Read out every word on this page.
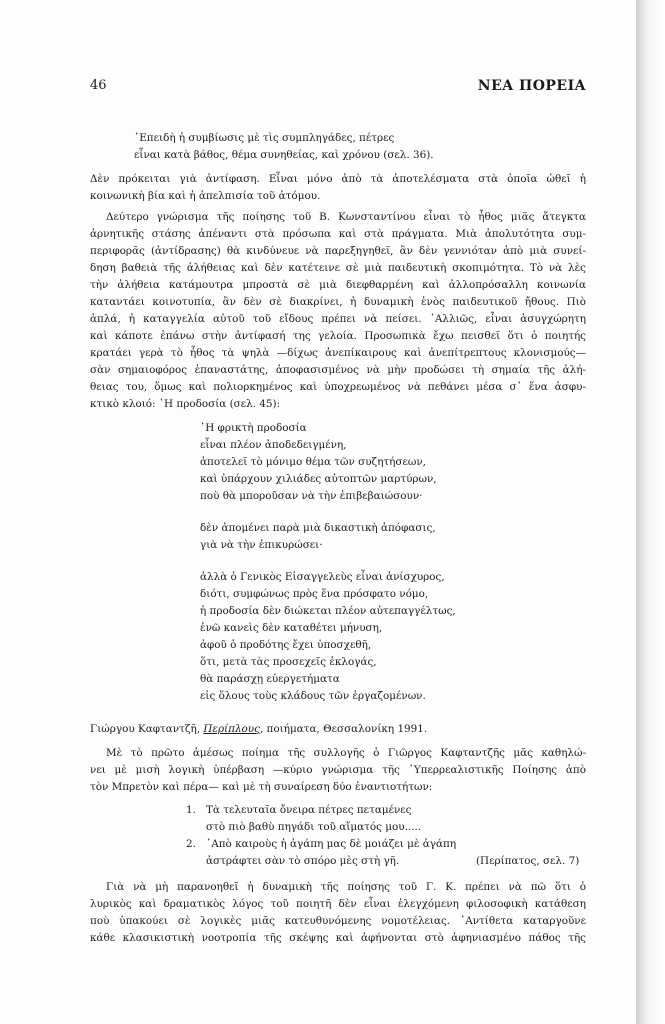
46	ΝΕΑ ΠΟΡΕΙΑ
᾽Επειδὴ ἡ συμβίωσις μὲ τὶς συμπληγάδες, πέτρες
εἶναι κατὰ βάθος, θέμα συνηθείας, καὶ χρόνου (σελ. 36).
Δὲν πρόκειται γιὰ ἀντίφαση. Εἶναι μόνο ἀπὸ τὰ ἀποτελέσματα στὰ ὁποῖα ὠθεῖ ἡ
κοινωνικὴ βία καὶ ἡ ἀπελπισία τοῦ ἀτόμου.
Δεύτερο γνώρισμα τῆς ποίησης τοῦ Β. Κωνσταντίνου εἶναι τὸ ἦθος μιᾶς ἄτεγκτα
ἀρνητικῆς στάσης ἀπέναντι στὰ πρόσωπα καὶ στὰ πράγματα. Μιὰ ἀπολυτότητα συμ-
περιφορᾶς (ἀντίδρασης) θὰ κινδύνευε νὰ παρεξηγηθεῖ, ἂν δὲν γεννιόταν ἀπὸ μιὰ συνεί-
δηση βαθειὰ τῆς ἀλήθειας καὶ δὲν κατέτεινε σὲ μιὰ παιδευτικὴ σκοπιμότητα. Τὸ νὰ λὲς
τὴν ἀλήθεια κατάμουτρα μπροστὰ σὲ μιὰ διεφθαρμένη καὶ ἀλλοπρόσαλλη κοινωνία
καταντάει κοινοτυπία, ἂν δὲν σὲ διακρίνει, ἡ δυναμικὴ ἑνὸς παιδευτικοῦ ἤθους. Πιὸ
ἁπλά, ἡ καταγγελία αὐτοῦ τοῦ εἴδους πρέπει νὰ πείσει. ᾽Αλλιῶς, εἶναι ἀσυγχώρητη
καὶ κάποτε ἐπάνω στὴν ἀντίφασή της γελοία. Προσωπικὰ ἔχω πεισθεῖ ὅτι ὁ ποιητής
κρατάει γερὰ τὸ ἦθος τὰ ψηλὰ —δίχως ἀνεπίκαιρους καὶ ἀνεπίτρεπτους κλονισμούς—
σὰν σημαιοφόρος ἐπαναστάτης, ἀποφασισμένος νὰ μὴν προδώσει τὴ σημαία τῆς ἀλή-
θειας του, ὅμως καὶ πολιορκημένος καὶ ὑποχρεωμένος νὰ πεθάνει μέσα σ᾽ ἕνα ἀσφυ-
κτικὸ κλοιό: ῾Η προδοσία (σελ. 45):
῾Η φρικτὴ προδοσία
εἶναι πλέον ἀποδεδειγμένη,
ἀποτελεῖ τὸ μόνιμο θέμα τῶν συζητήσεων,
καὶ ὑπάρχουν χιλιάδες αὐτοπτῶν μαρτύρων,
ποὺ θὰ μποροῦσαν νὰ τὴν ἐπιβεβαιώσουν·
δὲν ἀπομένει παρὰ μιὰ δικαστικὴ ἀπόφασις,
γιὰ νὰ τὴν ἐπικυρώσει·
ἀλλὰ ὁ Γενικὸς Εἰσαγγελεὺς εἶναι ἀνίσχυρος,
διότι, συμφώνως πρὸς ἕνα πρόσφατο νόμο,
ἡ προδοσία δὲν διώκεται πλέον αὐτεπαγγέλτως,
ἐνῶ κανεὶς δὲν καταθέτει μήνυση,
ἀφοῦ ὁ προδότης ἔχει ὑποσχεθῆ,
ὅτι, μετὰ τὰς προσεχεῖς ἐκλογάς,
θὰ παράσχῃ εὐεργετήματα
εἰς ὅλους τοὺς κλάδους τῶν ἐργαζομένων.
Γιώργου Καφταντζῆ, Περίπλους, ποιήματα, Θεσσαλονίκη 1991.
Μὲ τὸ πρῶτο ἀμέσως ποίημα τῆς συλλογῆς ὁ Γιῶργος Καφταντζῆς μᾶς καθηλώ-
νει μὲ μισὴ λογικὴ ὑπέρβαση —κύριο γνώρισμα τῆς ῾Υπερρεαλιστικῆς Ποίησης ἀπὸ
τὸν Μπρετὸν καὶ πέρα— καὶ μὲ τὴ συναίρεση δύο ἐναντιοτήτων:
1. Τὰ τελευταῖα ὄνειρα πέτρες πεταμένες
στὸ πιὸ βαθὺ πηγάδι τοῦ αἵματός μου.....
2. ᾽Απὸ καιροὺς ἡ ἀγάπη μας δὲ μοιάζει μὲ ἀγάπη
ἀστράφτει σὰν τὸ σπόρο μὲς στὴ γῆ.	(Περίπατος, σελ. 7)
Γιὰ νὰ μὴ παρανοηθεῖ ἡ δυναμικὴ τῆς ποίησης τοῦ Γ. Κ. πρέπει νὰ πῶ ὅτι ὁ
λυρικὸς καὶ δραματικὸς λόγος τοῦ ποιητῆ δὲν εἶναι ἐλεγχόμενη φιλοσοφικὴ κατάθεση
ποὺ ὑπακούει σὲ λογικὲς μιᾶς κατευθυνόμενης νομοτέλειας. ᾽Αντίθετα καταργοῦνε
κάθε κλασικιστικὴ νοοτροπία τῆς σκέψης καὶ ἀφήνονται στὸ ἀφηνιασμένο πάθος τῆς
